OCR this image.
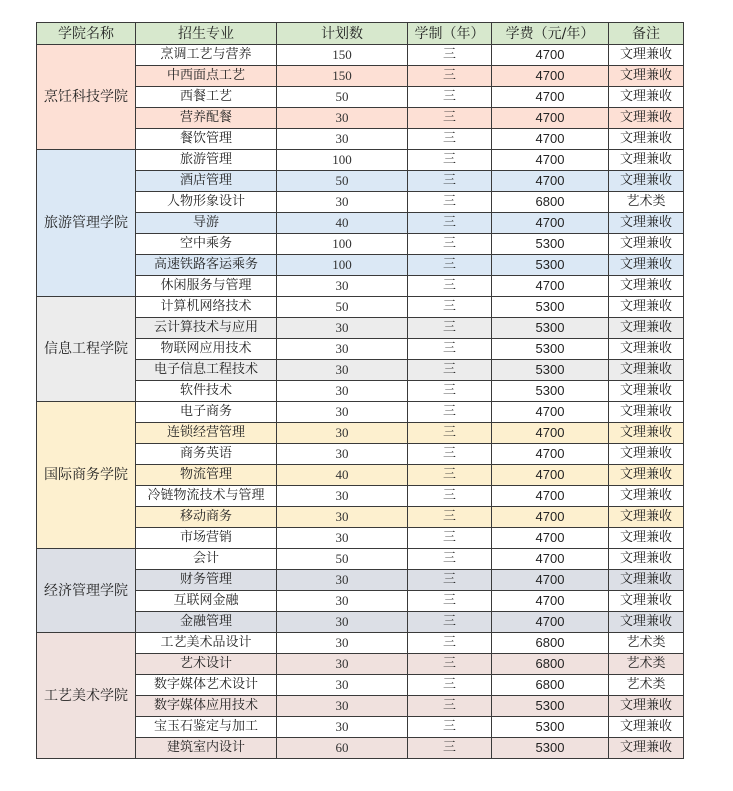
学院名称	招生专业	计划数	学制（年）	学费（元/年）	备注
烹饪科技学院	烹调工艺与营养	150	三	4700	文理兼收
	中西面点工艺	150	三	4700	文理兼收
	西餐工艺	50	三	4700	文理兼收
	营养配餐	30	三	4700	文理兼收
	餐饮管理	30	三	4700	文理兼收
旅游管理学院	旅游管理	100	三	4700	文理兼收
	酒店管理	50	三	4700	文理兼收
	人物形象设计	30	三	6800	艺术类
	导游	40	三	4700	文理兼收
	空中乘务	100	三	5300	文理兼收
	高速铁路客运乘务	100	三	5300	文理兼收
	休闲服务与管理	30	三	4700	文理兼收
信息工程学院	计算机网络技术	50	三	5300	文理兼收
	云计算技术与应用	30	三	5300	文理兼收
	物联网应用技术	30	三	5300	文理兼收
	电子信息工程技术	30	三	5300	文理兼收
	软件技术	30	三	5300	文理兼收
国际商务学院	电子商务	30	三	4700	文理兼收
	连锁经营管理	30	三	4700	文理兼收
	商务英语	30	三	4700	文理兼收
	物流管理	40	三	4700	文理兼收
	冷链物流技术与管理	30	三	4700	文理兼收
	移动商务	30	三	4700	文理兼收
	市场营销	30	三	4700	文理兼收
经济管理学院	会计	50	三	4700	文理兼收
	财务管理	30	三	4700	文理兼收
	互联网金融	30	三	4700	文理兼收
	金融管理	30	三	4700	文理兼收
工艺美术学院	工艺美术品设计	30	三	6800	艺术类
	艺术设计	30	三	6800	艺术类
	数字媒体艺术设计	30	三	6800	艺术类
	数字媒体应用技术	30	三	5300	文理兼收
	宝玉石鉴定与加工	30	三	5300	文理兼收
	建筑室内设计	60	三	5300	文理兼收
